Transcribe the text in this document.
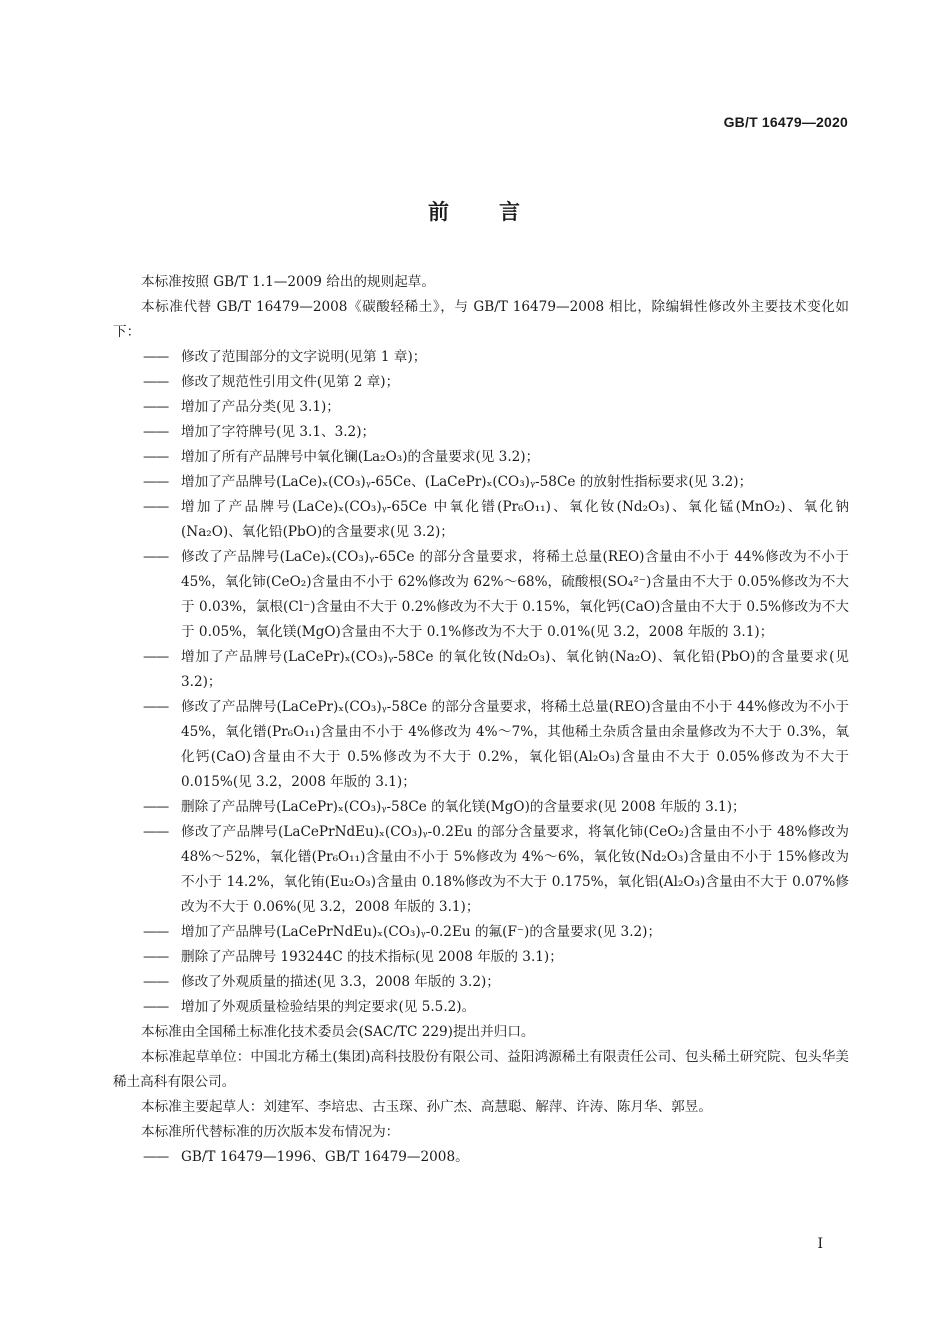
GB/T 16479—2020
前 言

本标准按照 GB/T 1.1—2009 给出的规则起草。

本标准代替 GB/T 16479—2008《碳酸轻稀土》，与 GB/T 16479—2008 相比，除编辑性修改外主要技术变化如下：

—— 修改了范围部分的文字说明(见第 1 章)；

—— 修改了规范性引用文件(见第 2 章)；

—— 增加了产品分类(见 3.1)；

—— 增加了字符牌号(见 3.1、3.2)；

—— 增加了所有产品牌号中氧化镧(La₂O₃)的含量要求(见 3.2)；

—— 增加了产品牌号(LaCe)ₓ(CO₃)ᵧ-65Ce、(LaCePr)ₓ(CO₃)ᵧ-58Ce 的放射性指标要求(见 3.2)；

—— 增加了产品牌号(LaCe)ₓ(CO₃)ᵧ-65Ce 中氧化镨(Pr₆O₁₁)、氧化钕(Nd₂O₃)、氧化锰(MnO₂)、氧化钠(Na₂O)、氧化铅(PbO)的含量要求(见 3.2)；

—— 修改了产品牌号(LaCe)ₓ(CO₃)ᵧ-65Ce 的部分含量要求，将稀土总量(REO)含量由不小于 44%修改为不小于 45%，氧化铈(CeO₂)含量由不小于 62%修改为 62%～68%，硫酸根(SO₄²⁻)含量由不大于 0.05%修改为不大于 0.03%，氯根(Cl⁻)含量由不大于 0.2%修改为不大于 0.15%，氧化钙(CaO)含量由不大于 0.5%修改为不大于 0.05%，氧化镁(MgO)含量由不大于 0.1%修改为不大于 0.01%(见 3.2，2008 年版的 3.1)；

—— 增加了产品牌号(LaCePr)ₓ(CO₃)ᵧ-58Ce 的氧化钕(Nd₂O₃)、氧化钠(Na₂O)、氧化铅(PbO)的含量要求(见 3.2)；

—— 修改了产品牌号(LaCePr)ₓ(CO₃)ᵧ-58Ce 的部分含量要求，将稀土总量(REO)含量由不小于 44%修改为不小于 45%，氧化镨(Pr₆O₁₁)含量由不小于 4%修改为 4%～7%，其他稀土杂质含量由余量修改为不大于 0.3%，氧化钙(CaO)含量由不大于 0.5%修改为不大于 0.2%，氧化铝(Al₂O₃)含量由不大于 0.05%修改为不大于 0.015%(见 3.2，2008 年版的 3.1)；

—— 删除了产品牌号(LaCePr)ₓ(CO₃)ᵧ-58Ce 的氧化镁(MgO)的含量要求(见 2008 年版的 3.1)；

—— 修改了产品牌号(LaCePrNdEu)ₓ(CO₃)ᵧ-0.2Eu 的部分含量要求，将氧化铈(CeO₂)含量由不小于 48%修改为 48%～52%，氧化镨(Pr₆O₁₁)含量由不小于 5%修改为 4%～6%，氧化钕(Nd₂O₃)含量由不小于 15%修改为不小于 14.2%，氧化铕(Eu₂O₃)含量由 0.18%修改为不大于 0.175%，氧化铝(Al₂O₃)含量由不大于 0.07%修改为不大于 0.06%(见 3.2，2008 年版的 3.1)；

—— 增加了产品牌号(LaCePrNdEu)ₓ(CO₃)ᵧ-0.2Eu 的氟(F⁻)的含量要求(见 3.2)；

—— 删除了产品牌号 193244C 的技术指标(见 2008 年版的 3.1)；

—— 修改了外观质量的描述(见 3.3，2008 年版的 3.2)；

—— 增加了外观质量检验结果的判定要求(见 5.5.2)。

本标准由全国稀土标准化技术委员会(SAC/TC 229)提出并归口。

本标准起草单位：中国北方稀土(集团)高科技股份有限公司、益阳鸿源稀土有限责任公司、包头稀土研究院、包头华美稀土高科有限公司。

本标准主要起草人：刘建军、李培忠、古玉琛、孙广杰、高慧聪、解萍、许涛、陈月华、郭昱。

本标准所代替标准的历次版本发布情况为：

—— GB/T 16479—1996、GB/T 16479—2008。

I
